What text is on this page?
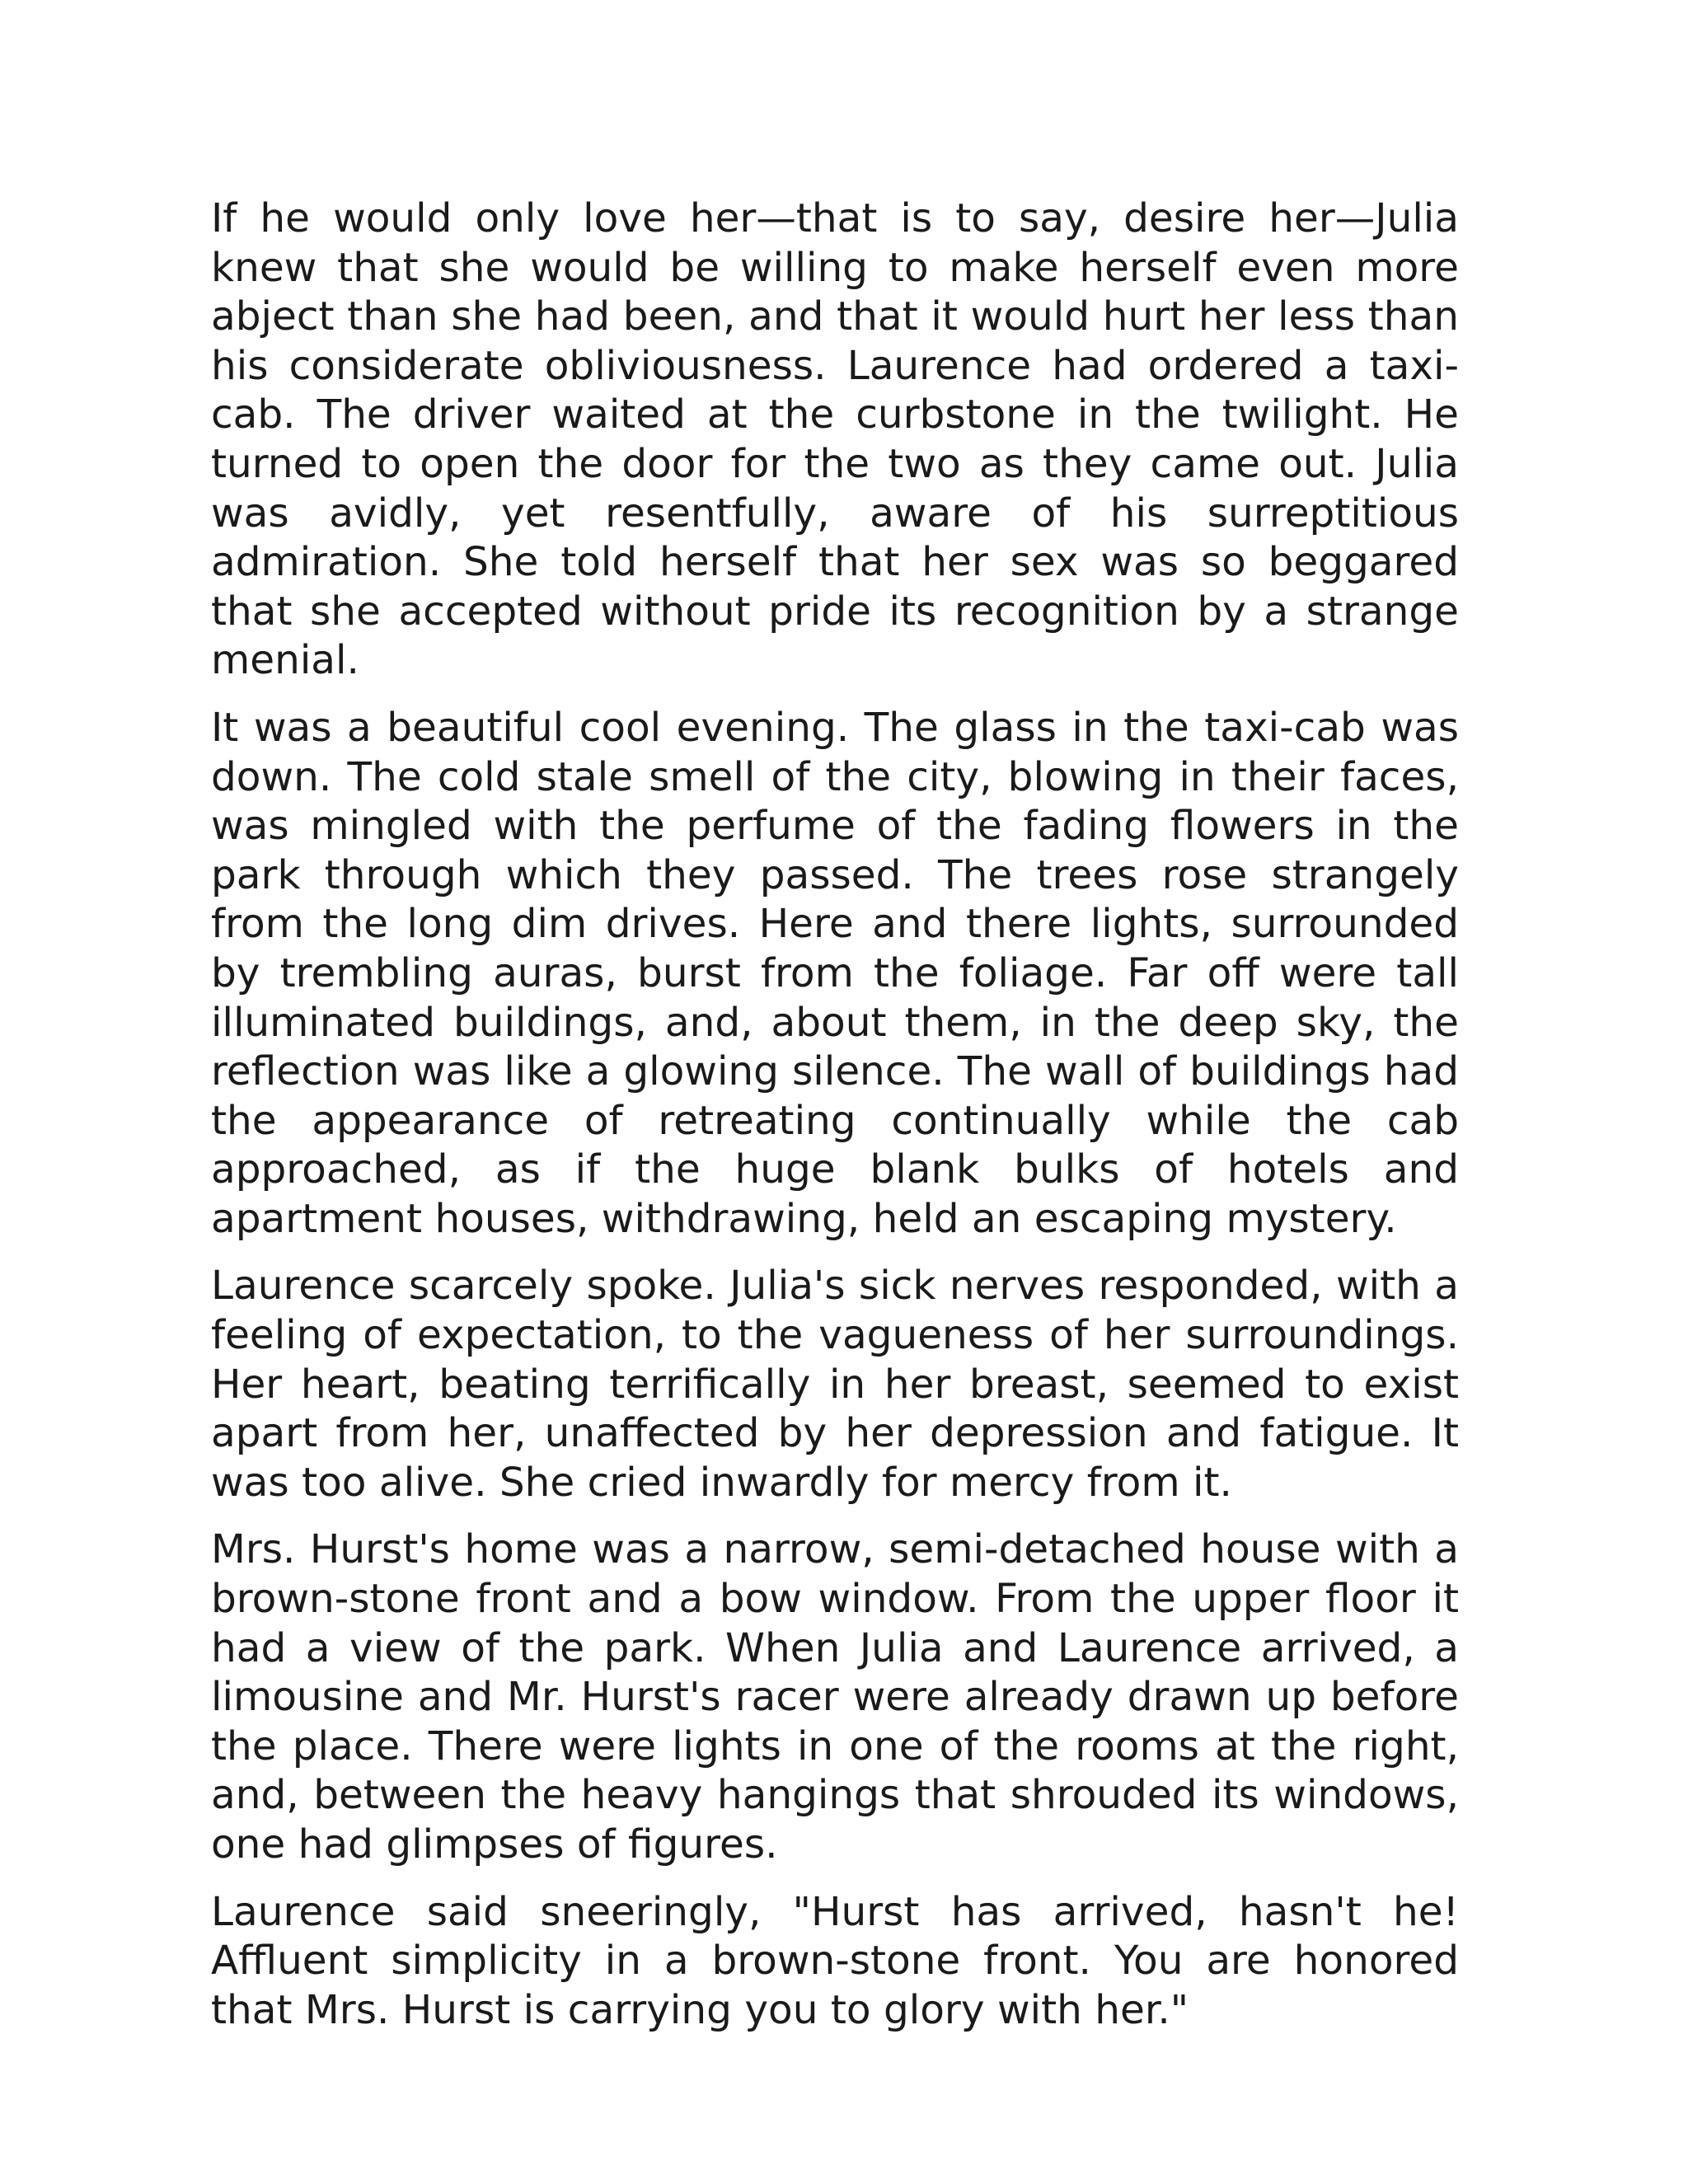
If he would only love her—that is to say, desire her—Julia knew that she would be willing to make herself even more abject than she had been, and that it would hurt her less than his considerate obliviousness. Laurence had ordered a taxi-cab. The driver waited at the curbstone in the twilight. He turned to open the door for the two as they came out. Julia was avidly, yet resentfully, aware of his surreptitious admiration. She told herself that her sex was so beggared that she accepted without pride its recognition by a strange menial.

It was a beautiful cool evening. The glass in the taxi-cab was down. The cold stale smell of the city, blowing in their faces, was mingled with the perfume of the fading flowers in the park through which they passed. The trees rose strangely from the long dim drives. Here and there lights, surrounded by trembling auras, burst from the foliage. Far off were tall illuminated buildings, and, about them, in the deep sky, the reflection was like a glowing silence. The wall of buildings had the appearance of retreating continually while the cab approached, as if the huge blank bulks of hotels and apartment houses, withdrawing, held an escaping mystery.

Laurence scarcely spoke. Julia's sick nerves responded, with a feeling of expectation, to the vagueness of her surroundings. Her heart, beating terrifically in her breast, seemed to exist apart from her, unaffected by her depression and fatigue. It was too alive. She cried inwardly for mercy from it.

Mrs. Hurst's home was a narrow, semi-detached house with a brown-stone front and a bow window. From the upper floor it had a view of the park. When Julia and Laurence arrived, a limousine and Mr. Hurst's racer were already drawn up before the place. There were lights in one of the rooms at the right, and, between the heavy hangings that shrouded its windows, one had glimpses of figures.

Laurence said sneeringly, "Hurst has arrived, hasn't he! Affluent simplicity in a brown-stone front. You are honored that Mrs. Hurst is carrying you to glory with her."
